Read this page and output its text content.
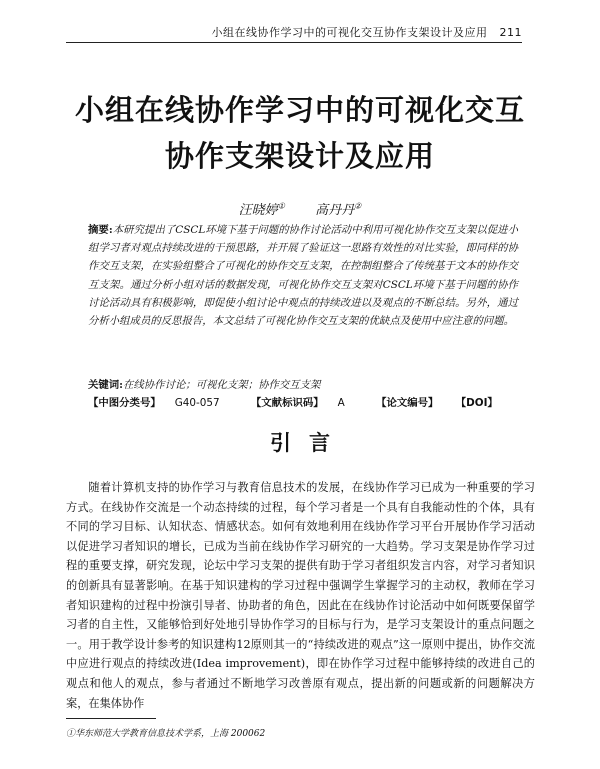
小组在线协作学习中的可视化交互协作支架设计及应用 211
小组在线协作学习中的可视化交互
协作支架设计及应用
汪晓婷① 高丹丹②
摘要:本研究提出了CSCL环境下基于问题的协作讨论活动中利用可视化协作交互支架以促进小组学习者对观点持续改进的干预思路，并开展了验证这一思路有效性的对比实验，即同样的协作交互支架，在实验组整合了可视化的协作交互支架，在控制组整合了传统基于文本的协作交互支架。通过分析小组对话的数据发现，可视化协作交互支架对CSCL环境下基于问题的协作讨论活动具有积极影响，即促使小组讨论中观点的持续改进以及观点的不断总结。另外，通过分析小组成员的反思报告，本文总结了可视化协作交互支架的优缺点及使用中应注意的问题。
关键词:在线协作讨论；可视化支架；协作交互支架
【中图分类号】 G40-057	【文献标识码】 A	【论文编号】 【DOI】
引言
随着计算机支持的协作学习与教育信息技术的发展，在线协作学习已成为一种重要的学习方式。在线协作交流是一个动态持续的过程，每个学习者是一个具有自我能动性的个体，具有不同的学习目标、认知状态、情感状态。如何有效地利用在线协作学习平台开展协作学习活动以促进学习者知识的增长，已成为当前在线协作学习研究的一大趋势。学习支架是协作学习过程的重要支撑，研究发现，论坛中学习支架的提供有助于学习者组织发言内容，对学习者知识的创新具有显著影响。在基于知识建构的学习过程中强调学生掌握学习的主动权，教师在学习者知识建构的过程中扮演引导者、协助者的角色，因此在在线协作讨论活动中如何既要保留学习者的自主性，又能够恰到好处地引导协作学习的目标与行为，是学习支架设计的重点问题之一。用于教学设计参考的知识建构12原则其一的“持续改进的观点”这一原则中提出，协作交流中应进行观点的持续改进(Idea improvement)，即在协作学习过程中能够持续的改进自己的观点和他人的观点，参与者通过不断地学习改善原有观点，提出新的问题或新的问题解决方案，在集体协作
①华东师范大学教育信息技术学系，上海 200062
